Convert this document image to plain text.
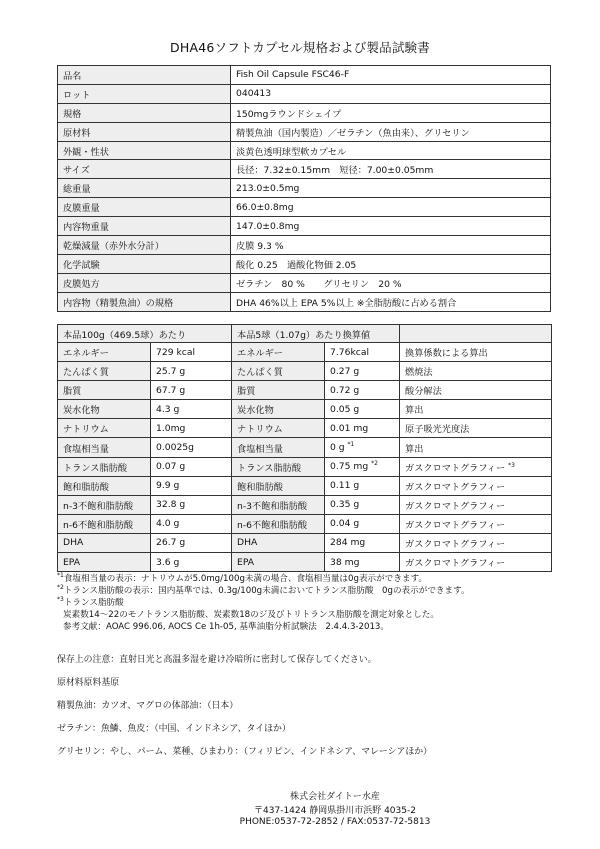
DHA46ソフトカプセル規格および製品試験書
品名	Fish Oil Capsule FSC46-F
ロット	040413
規格	150mgラウンドシェイプ
原材料	精製魚油（国内製造）／ゼラチン（魚由来）、グリセリン
外観・性状	淡黄色透明球型軟カプセル
サイズ	長径：7.32±0.15mm　短径：7.00±0.05mm
総重量	213.0±0.5mg
皮膜重量	66.0±0.8mg
内容物重量	147.0±0.8mg
乾燥減量（赤外水分計）	皮膜 9.3 %
化学試験	酸化 0.25　過酸化物価 2.05
皮膜処方	ゼラチン　80 %　　グリセリン　20 %
内容物（精製魚油）の規格	DHA 46%以上 EPA 5%以上 ※全脂肪酸に占める割合
本品100g（469.5球）あたり		本品5球（1.07g）あたり換算値		
エネルギー	729 kcal	エネルギー	7.76kcal	換算係数による算出
たんぱく質	25.7 g	たんぱく質	0.27 g	燃焼法
脂質	67.7 g	脂質	0.72 g	酸分解法
炭水化物	4.3 g	炭水化物	0.05 g	算出
ナトリウム	1.0mg	ナトリウム	0.01 mg	原子吸光光度法
食塩相当量	0.0025g	食塩相当量	0 g $^{*1}$	算出
トランス脂肪酸	0.07 g	トランス脂肪酸	0.75 mg $^{*2}$	ガスクロマトグラフィー $^{*3}$
飽和脂肪酸	9.9 g	飽和脂肪酸	0.11 g	ガスクロマトグラフィー
n-3不飽和脂肪酸	32.8 g	n-3不飽和脂肪酸	0.35 g	ガスクロマトグラフィー
n-6不飽和脂肪酸	4.0 g	n-6不飽和脂肪酸	0.04 g	ガスクロマトグラフィー
DHA	26.7 g	DHA	284 mg	ガスクロマトグラフィー
EPA	3.6 g	EPA	38 mg	ガスクロマトグラフィー
$^{*1}$食塩相当量の表示：ナトリウムが5.0mg/100g未満の場合、食塩相当量は0g表示ができます。
$^{*2}$トランス脂肪酸の表示：国内基準では、0.3g/100g未満においてトランス脂肪酸　0gの表示ができます。
$^{*3}$トランス脂肪酸
炭素数14～22のモノトランス脂肪酸、炭素数18のジ及びトリトランス脂肪酸を測定対象とした。
参考文献：AOAC 996.06, AOCS Ce 1h-05, 基準油脂分析試験法　2.4.4.3-2013。
保存上の注意：直射日光と高温多湿を避け冷暗所に密封して保存してください。
原材料原料基原
精製魚油：カツオ、マグロの体部油：（日本）
ゼラチン：魚鱗、魚皮：（中国、インドネシア、タイほか）
グリセリン：やし、パーム、菜種、ひまわり：（フィリピン、インドネシア、マレーシアほか）
株式会社ダイトー水産
〒437-1424 静岡県掛川市浜野 4035-2
PHONE:0537-72-2852 / FAX:0537-72-5813
